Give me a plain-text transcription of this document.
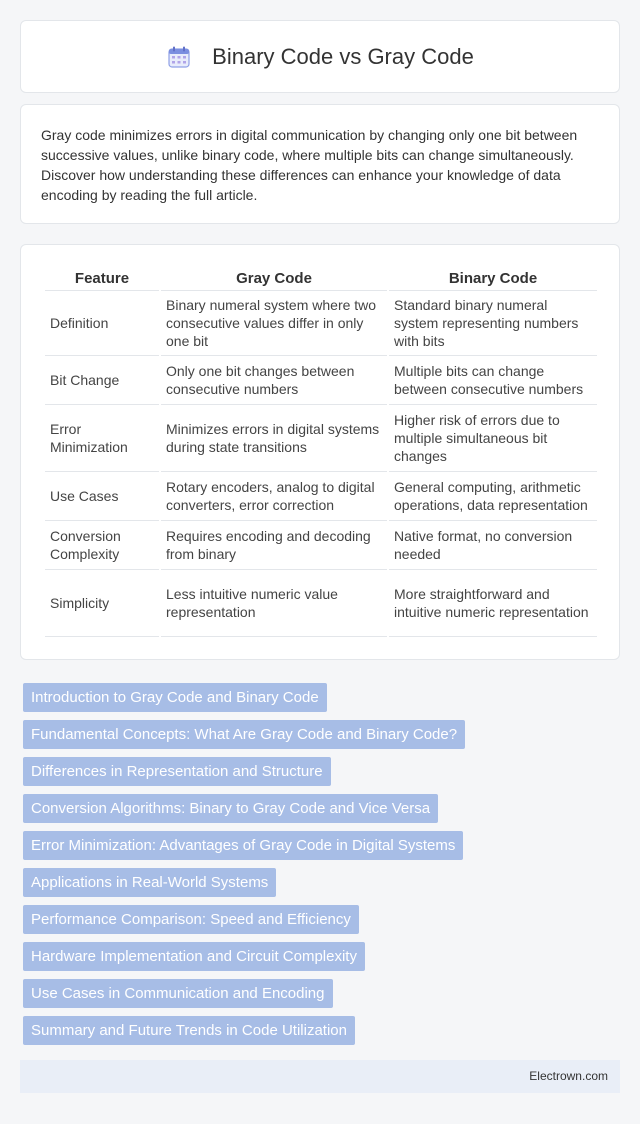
Binary Code vs Gray Code

Gray code minimizes errors in digital communication by changing only one bit between successive values, unlike binary code, where multiple bits can change simultaneously. Discover how understanding these differences can enhance your knowledge of data encoding by reading the full article.

Feature	Gray Code	Binary Code
Definition	Binary numeral system where two consecutive values differ in only one bit	Standard binary numeral system representing numbers with bits
Bit Change	Only one bit changes between consecutive numbers	Multiple bits can change between consecutive numbers
Error Minimization	Minimizes errors in digital systems during state transitions	Higher risk of errors due to multiple simultaneous bit changes
Use Cases	Rotary encoders, analog to digital converters, error correction	General computing, arithmetic operations, data representation
Conversion Complexity	Requires encoding and decoding from binary	Native format, no conversion needed
Simplicity	Less intuitive numeric value representation	More straightforward and intuitive numeric representation
Introduction to Gray Code and Binary Code
Fundamental Concepts: What Are Gray Code and Binary Code?
Differences in Representation and Structure
Conversion Algorithms: Binary to Gray Code and Vice Versa
Error Minimization: Advantages of Gray Code in Digital Systems
Applications in Real-World Systems
Performance Comparison: Speed and Efficiency
Hardware Implementation and Circuit Complexity
Use Cases in Communication and Encoding
Summary and Future Trends in Code Utilization
Electrown.com
